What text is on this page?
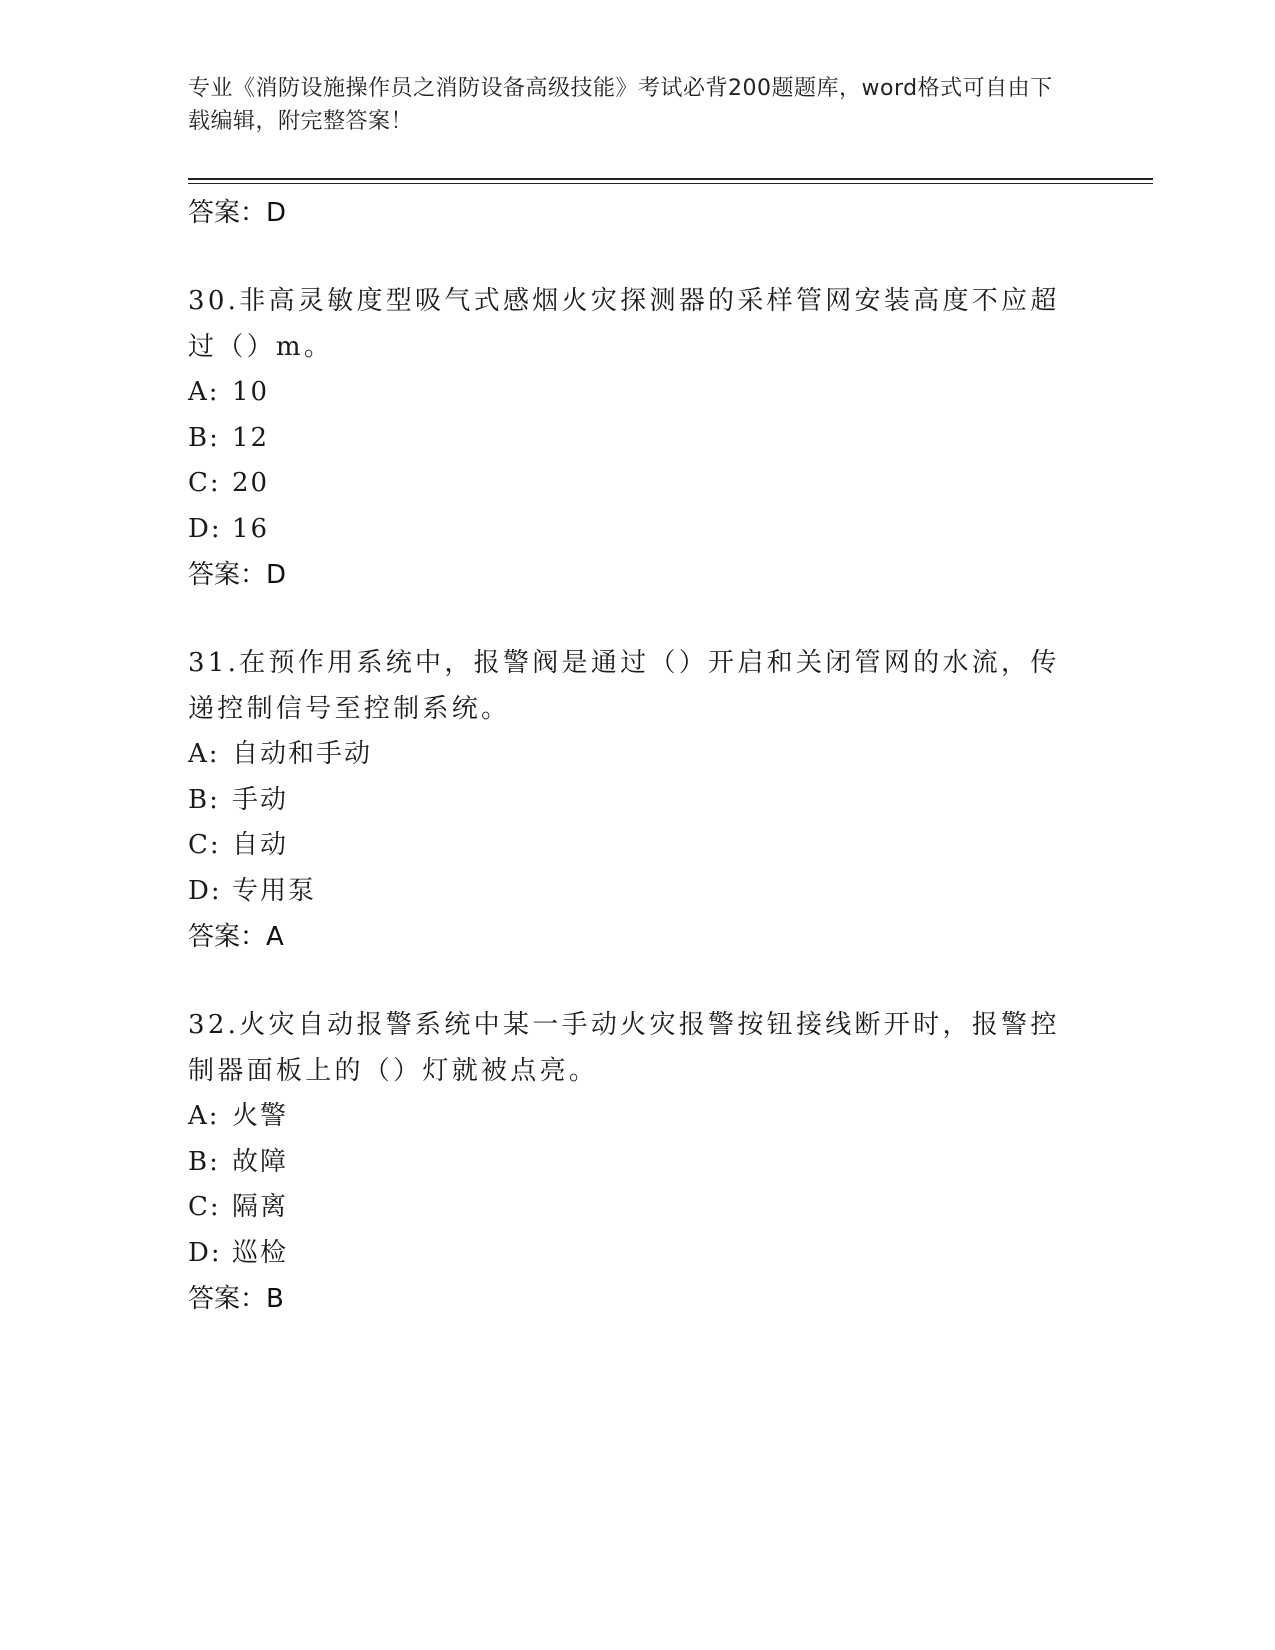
专业《消防设施操作员之消防设备高级技能》考试必背200题题库，word格式可自由下载编辑，附完整答案！
答案：D
30.非高灵敏度型吸气式感烟火灾探测器的采样管网安装高度不应超过（）m。
A: 10
B: 12
C: 20
D: 16
答案：D
31.在预作用系统中，报警阀是通过（）开启和关闭管网的水流，传递控制信号至控制系统。
A: 自动和手动
B: 手动
C: 自动
D: 专用泵
答案：A
32.火灾自动报警系统中某一手动火灾报警按钮接线断开时，报警控制器面板上的（）灯就被点亮。
A: 火警
B: 故障
C: 隔离
D: 巡检
答案：B
